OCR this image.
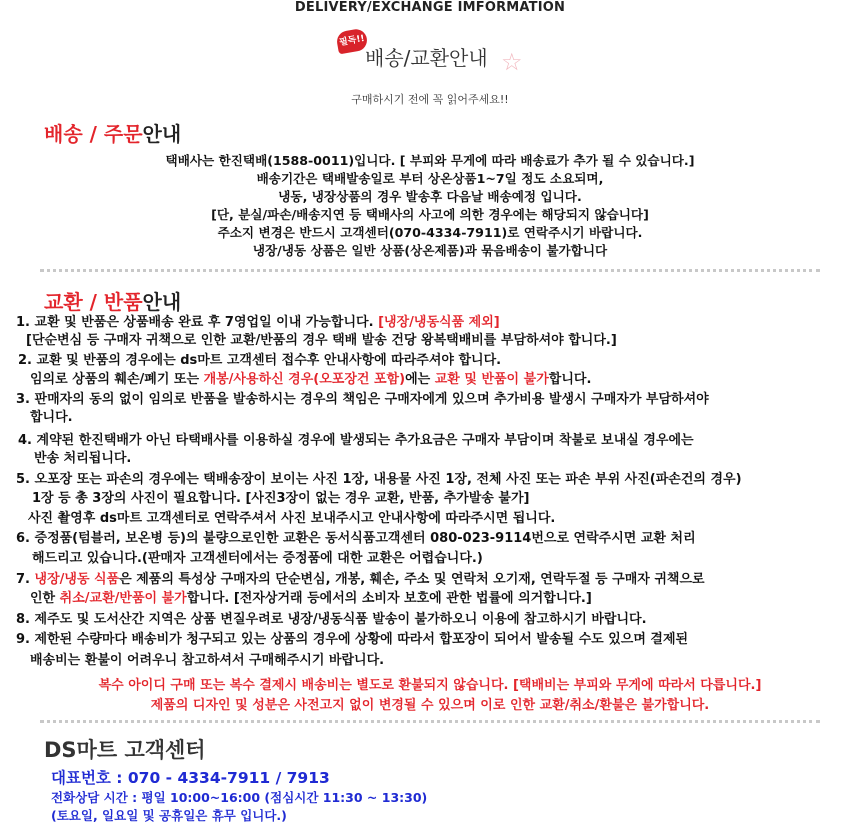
DELIVERY/EXCHANGE IMFORMATION
필독!!
배송/교환안내 ☆
구매하시기 전에 꼭 읽어주세요!!
배송 / 주문안내
택배사는 한진택배(1588-0011)입니다. [ 부피와 무게에 따라 배송료가 추가 될 수 있습니다.]
배송기간은 택배발송일로 부터 상온상품1~7일 정도 소요되며,
냉동, 냉장상품의 경우 발송후 다음날 배송예정 입니다.
[단, 분실/파손/배송지연 등 택배사의 사고에 의한 경우에는 해당되지 않습니다]
주소지 변경은 반드시 고객센터(070-4334-7911)로 연락주시기 바랍니다.
냉장/냉동 상품은 일반 상품(상온제품)과 묶음배송이 불가합니다
교환 / 반품안내
1. 교환 및 반품은 상품배송 완료 후 7영업일 이내 가능합니다. [냉장/냉동식품 제외]
[단순변심 등 구매자 귀책으로 인한 교환/반품의 경우 택배 발송 건당 왕복택배비를 부담하셔야 합니다.]
2. 교환 및 반품의 경우에는 ds마트 고객센터 접수후 안내사항에 따라주셔야 합니다.
임의로 상품의 훼손/폐기 또는 개봉/사용하신 경우(오포장건 포함)에는 교환 및 반품이 불가합니다.
3. 판매자의 동의 없이 임의로 반품을 발송하시는 경우의 책임은 구매자에게 있으며 추가비용 발생시 구매자가 부담하셔야
합니다.
4. 계약된 한진택배가 아닌 타택배사를 이용하실 경우에 발생되는 추가요금은 구매자 부담이며 착불로 보내실 경우에는
반송 처리됩니다.
5. 오포장 또는 파손의 경우에는 택배송장이 보이는 사진 1장, 내용물 사진 1장, 전체 사진 또는 파손 부위 사진(파손건의 경우)
1장 등 총 3장의 사진이 필요합니다. [사진3장이 없는 경우 교환, 반품, 추가발송 불가]
사진 촬영후 ds마트 고객센터로 연락주셔서 사진 보내주시고 안내사항에 따라주시면 됩니다.
6. 증정품(텀블러, 보온병 등)의 불량으로인한 교환은 동서식품고객센터 080-023-9114번으로 연락주시면 교환 처리
해드리고 있습니다.(판매자 고객센터에서는 증정품에 대한 교환은 어렵습니다.)
7. 냉장/냉동 식품은 제품의 특성상 구매자의 단순변심, 개봉, 훼손, 주소 및 연락처 오기재, 연락두절 등 구매자 귀책으로
인한 취소/교환/반품이 불가합니다. [전자상거래 등에서의 소비자 보호에 관한 법률에 의거합니다.]
8. 제주도 및 도서산간 지역은 상품 변질우려로 냉장/냉동식품 발송이 불가하오니 이용에 참고하시기 바랍니다.
9. 제한된 수량마다 배송비가 청구되고 있는 상품의 경우에 상황에 따라서 합포장이 되어서 발송될 수도 있으며 결제된
배송비는 환불이 어려우니 참고하셔서 구매해주시기 바랍니다.
복수 아이디 구매 또는 복수 결제시 배송비는 별도로 환불되지 않습니다. [택배비는 부피와 무게에 따라서 다릅니다.]
제품의 디자인 및 성분은 사전고지 없이 변경될 수 있으며 이로 인한 교환/취소/환불은 불가합니다.
DS마트 고객센터
대표번호 : 070 - 4334-7911 / 7913
전화상담 시간 : 평일 10:00~16:00 (점심시간 11:30 ~ 13:30)
(토요일, 일요일 및 공휴일은 휴무 입니다.)
